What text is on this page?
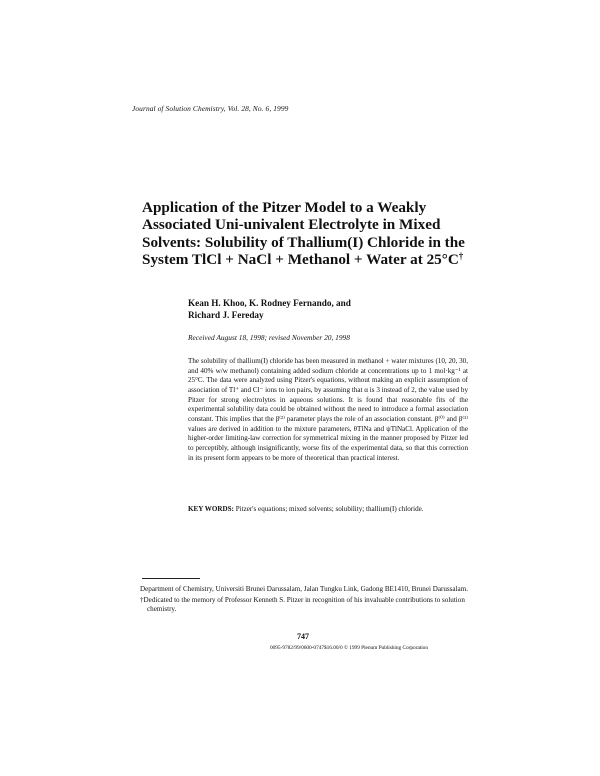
Journal of Solution Chemistry, Vol. 28, No. 6, 1999
Application of the Pitzer Model to a Weakly Associated Uni-univalent Electrolyte in Mixed Solvents: Solubility of Thallium(I) Chloride in the System TlCl + NaCl + Methanol + Water at 25°C†
Kean H. Khoo, K. Rodney Fernando, and
Richard J. Fereday
Received August 18, 1998; revised November 20, 1998
The solubility of thallium(I) chloride has been measured in methanol + water mixtures (10, 20, 30, and 40% w/w methanol) containing added sodium chloride at concentrations up to 1 mol·kg⁻¹ at 25°C. The data were analyzed using Pitzer's equations, without making an explicit assumption of association of Tl⁺ and Cl⁻ ions to ion pairs, by assuming that α is 3 instead of 2, the value used by Pitzer for strong electrolytes in aqueous solutions. It is found that reasonable fits of the experimental solubility data could be obtained without the need to introduce a formal association constant. This implies that the β⁽²⁾ parameter plays the role of an association constant. β⁽⁰⁾ and β⁽¹⁾ values are derived in addition to the mixture parameters, θTlNa and ψTlNaCl. Application of the higher-order limiting-law correction for symmetrical mixing in the manner proposed by Pitzer led to perceptibly, although insignificantly, worse fits of the experimental data, so that this correction in its present form appears to be more of theoretical than practical interest.
KEY WORDS: Pitzer's equations; mixed solvents; solubility; thallium(I) chloride.
Department of Chemistry, Universiti Brunei Darussalam, Jalan Tungku Link, Gadong BE1410, Brunei Darussalam.
†Dedicated to the memory of Professor Kenneth S. Pitzer in recognition of his invaluable contributions to solution chemistry.
747
0095-9782/99/0600-0747$16.00/0 © 1999 Plenum Publishing Corporation
